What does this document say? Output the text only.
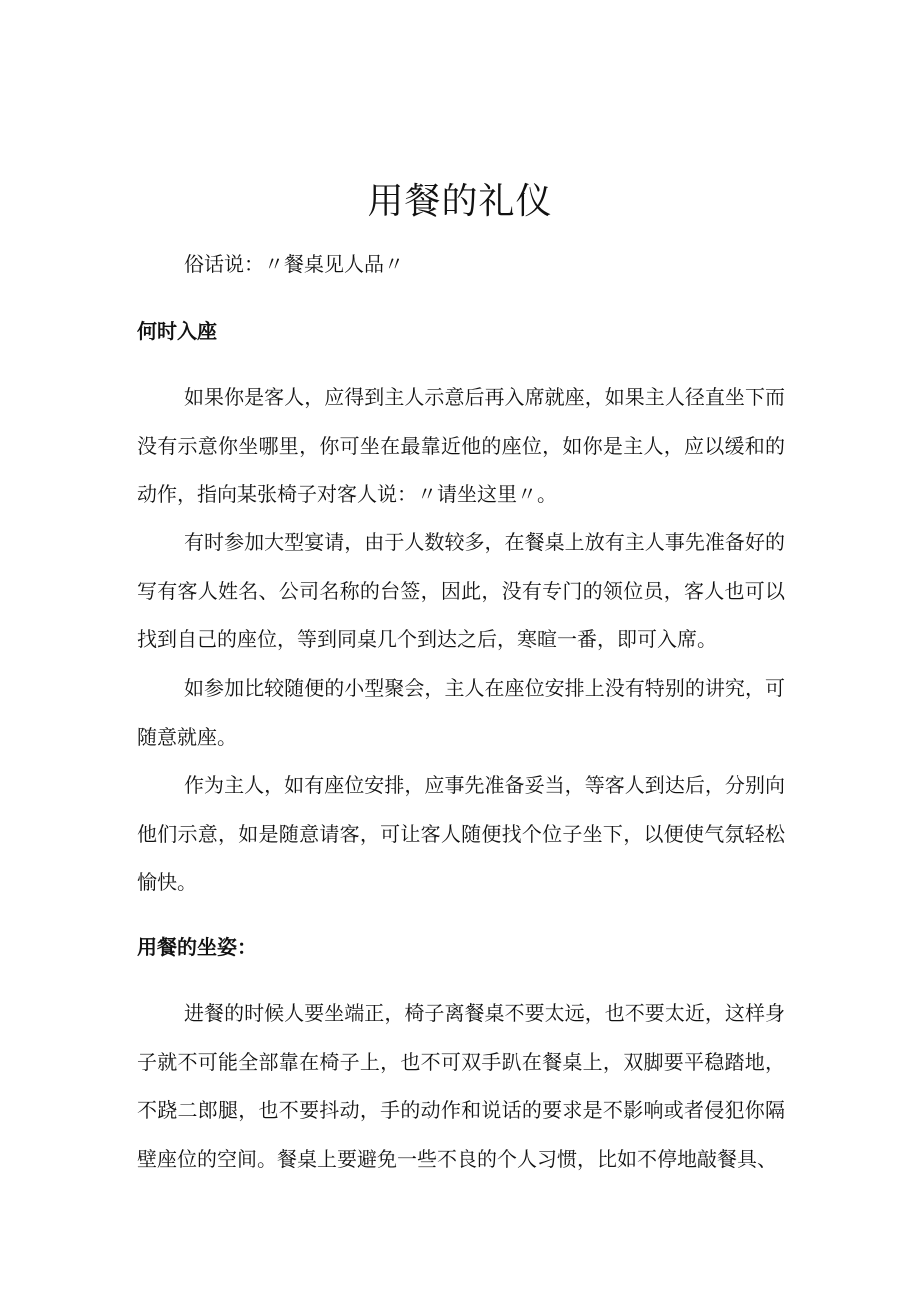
用餐的礼仪
俗话说：〃餐桌见人品〃
何时入座

如果你是客人，应得到主人示意后再入席就座，如果主人径直坐下而没有示意你坐哪里，你可坐在最靠近他的座位，如你是主人，应以缓和的动作，指向某张椅子对客人说：〃请坐这里〃。

有时参加大型宴请，由于人数较多，在餐桌上放有主人事先准备好的写有客人姓名、公司名称的台签，因此，没有专门的领位员，客人也可以找到自己的座位，等到同桌几个到达之后，寒暄一番，即可入席。

如参加比较随便的小型聚会，主人在座位安排上没有特别的讲究，可随意就座。

作为主人，如有座位安排，应事先准备妥当，等客人到达后，分别向他们示意，如是随意请客，可让客人随便找个位子坐下，以便使气氛轻松愉快。

用餐的坐姿：

进餐的时候人要坐端正，椅子离餐桌不要太远，也不要太近，这样身子就不可能全部靠在椅子上，也不可双手趴在餐桌上，双脚要平稳踏地，不跷二郎腿，也不要抖动，手的动作和说话的要求是不影响或者侵犯你隔壁座位的空间。餐桌上要避免一些不良的个人习惯，比如不停地敲餐具、
